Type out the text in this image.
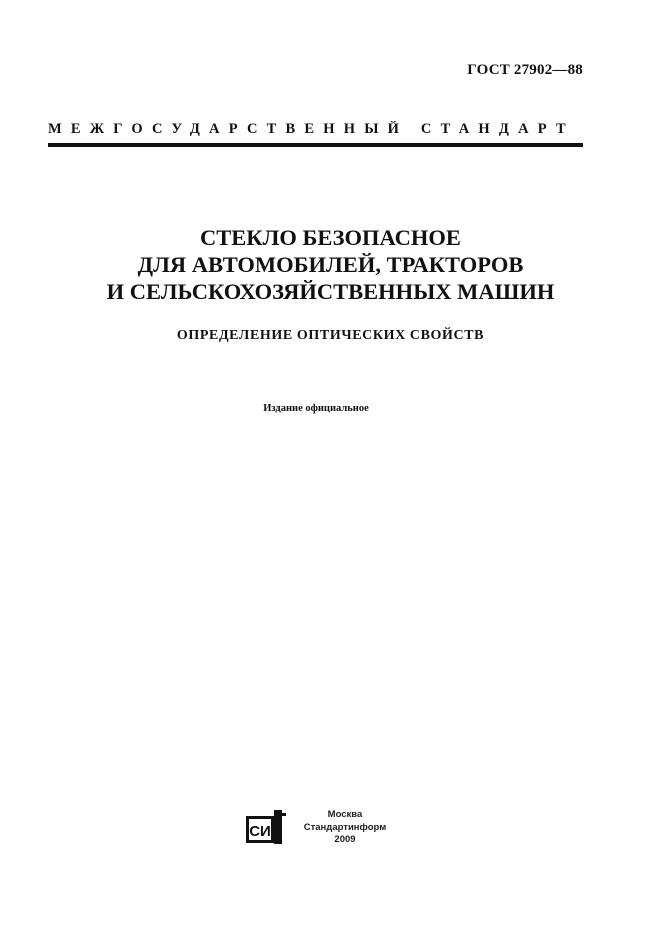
ГОСТ 27902—88
МЕЖГОСУДАРСТВЕННЫЙ СТАНДАРТ
СТЕКЛО БЕЗОПАСНОЕ
ДЛЯ АВТОМОБИЛЕЙ, ТРАКТОРОВ
И СЕЛЬСКОХОЗЯЙСТВЕННЫХ МАШИН
ОПРЕДЕЛЕНИЕ ОПТИЧЕСКИХ СВОЙСТВ
Издание официальное
СИ
Москва
Стандартинформ
2009
